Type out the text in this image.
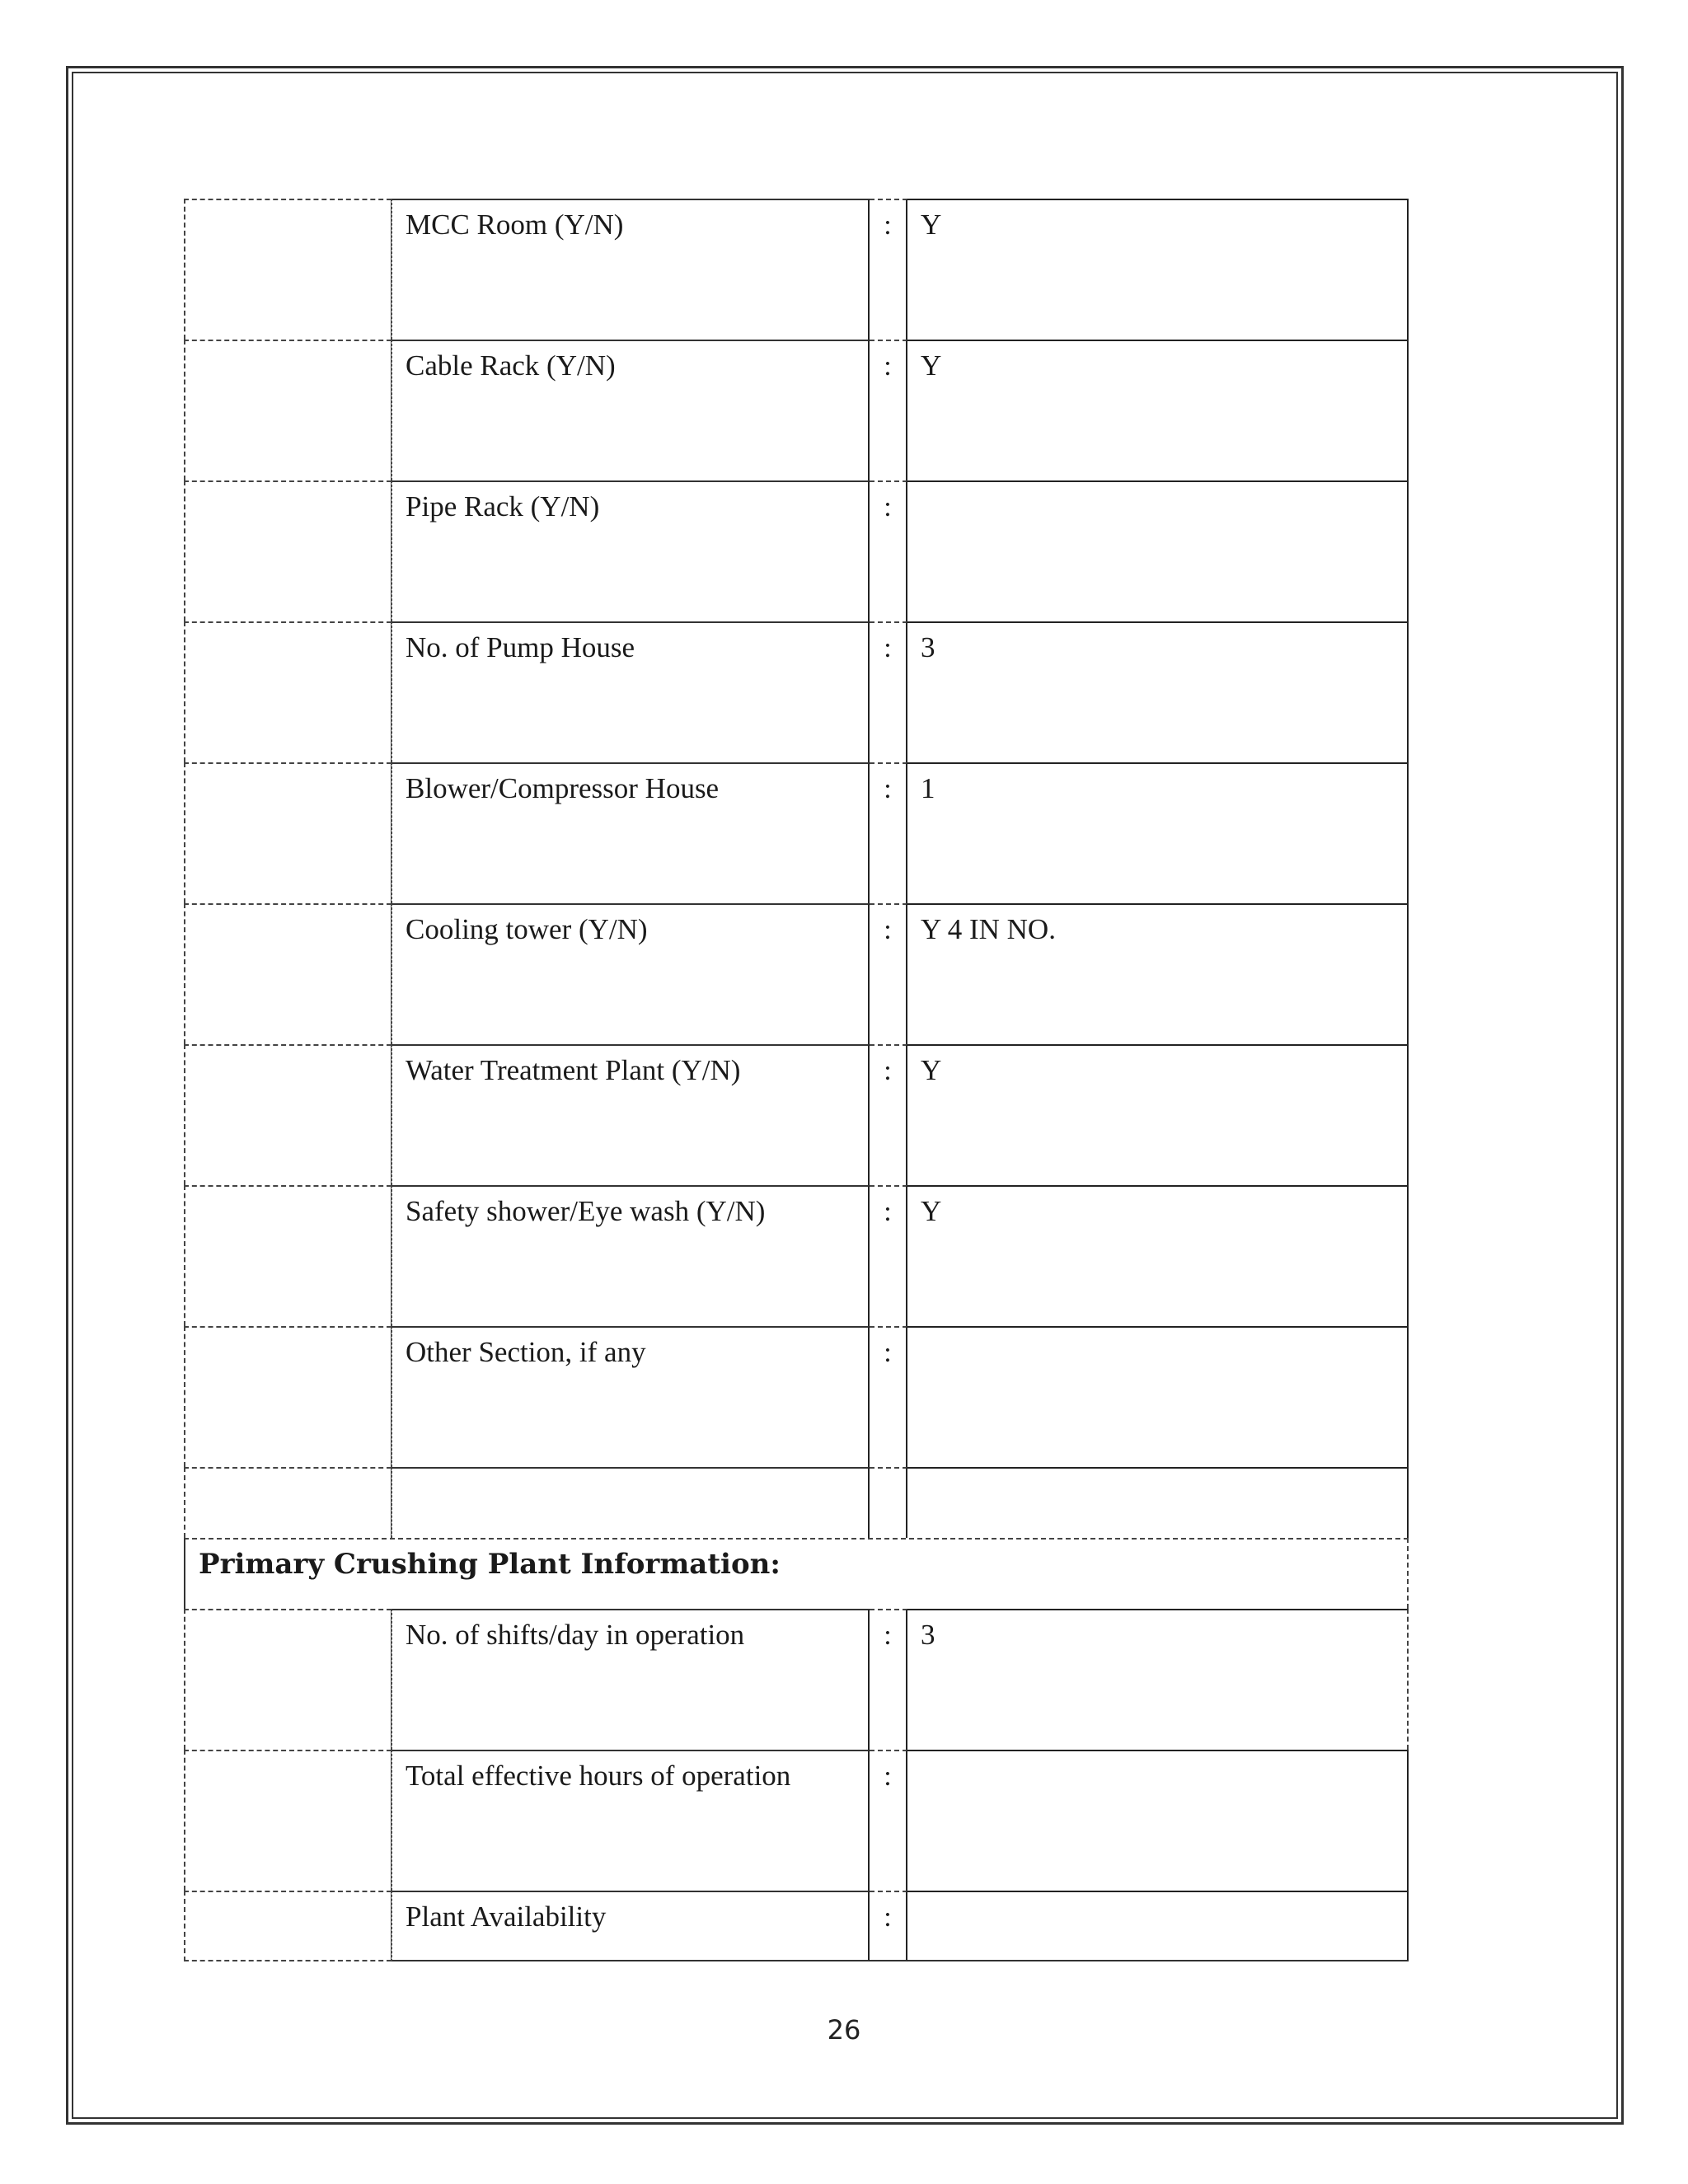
MCC Room (Y/N)	:	Y
Cable Rack (Y/N)	:	Y
Pipe Rack (Y/N)	:
No. of Pump House	:	3
Blower/Compressor House	:	1
Cooling tower (Y/N)	:	Y 4 IN NO.
Water Treatment Plant (Y/N)	:	Y
Safety shower/Eye wash (Y/N)	:	Y
Other Section, if any	:
Primary Crushing Plant Information:
No. of shifts/day in operation	:	3
Total effective hours of operation	:
Plant Availability	:
26
